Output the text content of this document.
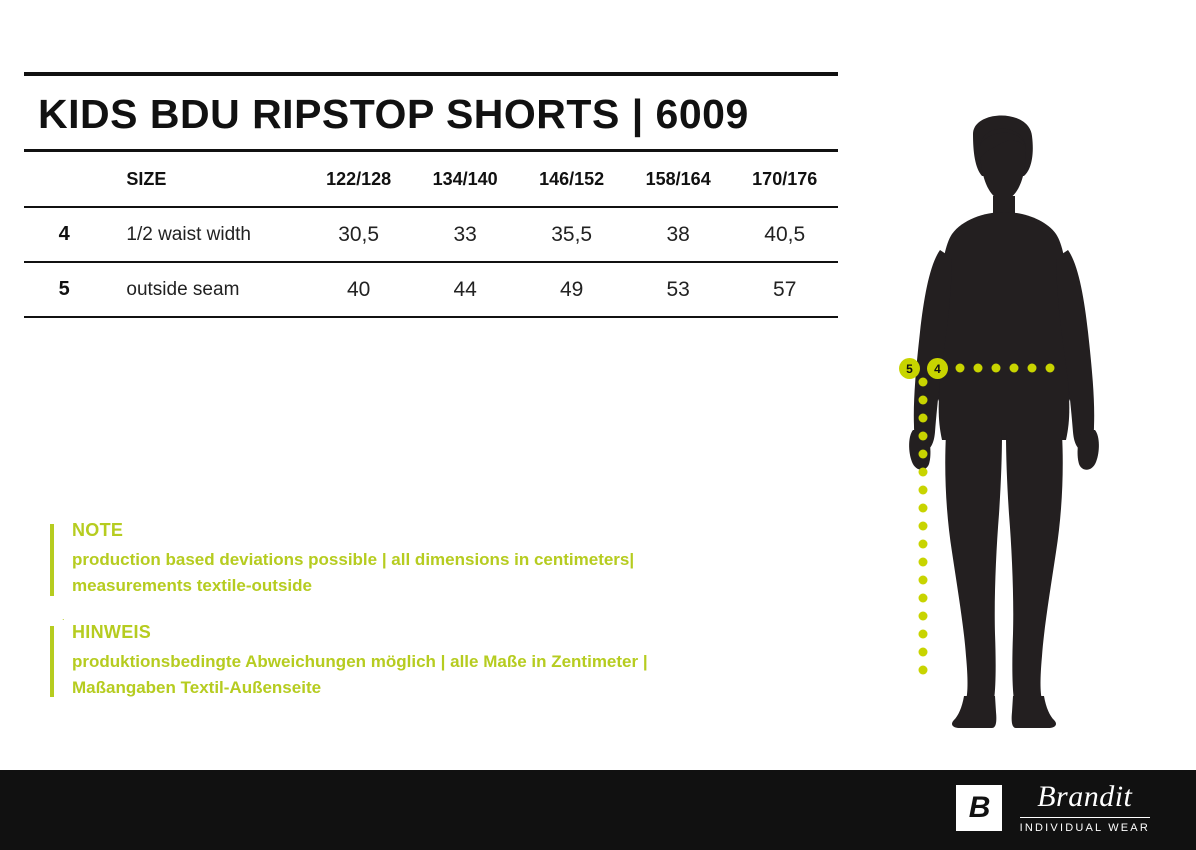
KIDS BDU RIPSTOP SHORTS | 6009
	SIZE	122/128	134/140	146/152	158/164	170/176
4	1/2 waist width	30,5	33	35,5	38	40,5
5	outside seam	40	44	49	53	57
.
NOTE
production based deviations possible | all dimensions in centimeters|
measurements textile-outside
HINWEIS
produktionsbedingte Abweichungen möglich | alle Maße in Zentimeter |
Maßangaben Textil-Außenseite
5	4
B	Brandit
INDIVIDUAL WEAR
